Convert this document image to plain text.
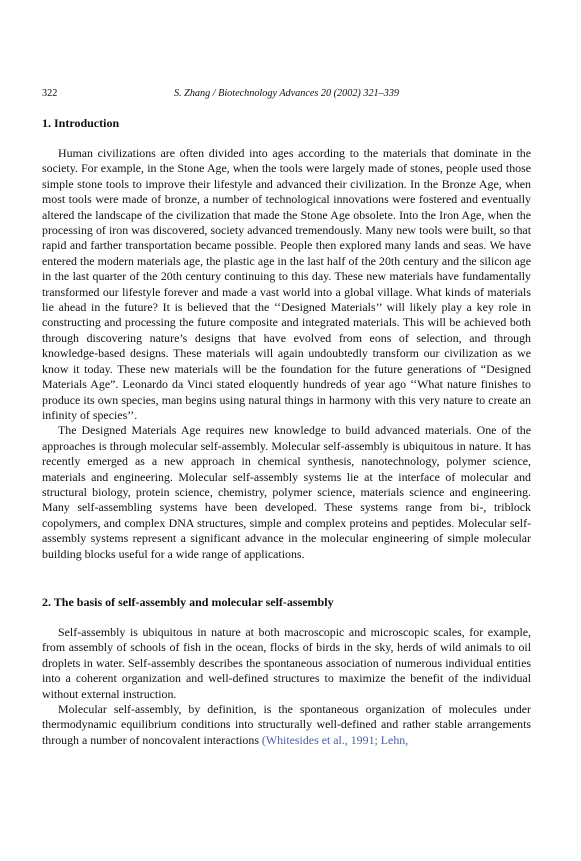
322	S. Zhang / Biotechnology Advances 20 (2002) 321–339
1. Introduction

Human civilizations are often divided into ages according to the materials that dominate in the society. For example, in the Stone Age, when the tools were largely made of stones, people used those simple stone tools to improve their lifestyle and advanced their civilization. In the Bronze Age, when most tools were made of bronze, a number of technological innovations were fostered and eventually altered the landscape of the civilization that made the Stone Age obsolete. Into the Iron Age, when the processing of iron was discovered, society advanced tremendously. Many new tools were built, so that rapid and farther transportation became possible. People then explored many lands and seas. We have entered the modern materials age, the plastic age in the last half of the 20th century and the silicon age in the last quarter of the 20th century continuing to this day. These new materials have fundamentally transformed our lifestyle forever and made a vast world into a global village. What kinds of materials lie ahead in the future? It is believed that the ‘‘Designed Materials’’ will likely play a key role in constructing and processing the future composite and integrated materials. This will be achieved both through discovering nature’s designs that have evolved from eons of selection, and through knowledge-based designs. These materials will again undoubtedly transform our civilization as we know it today. These new materials will be the foundation for the future generations of “Designed Materials Age”. Leonardo da Vinci stated eloquently hundreds of year ago ‘‘What nature finishes to produce its own species, man begins using natural things in harmony with this very nature to create an infinity of species’’.

The Designed Materials Age requires new knowledge to build advanced materials. One of the approaches is through molecular self-assembly. Molecular self-assembly is ubiquitous in nature. It has recently emerged as a new approach in chemical synthesis, nanotechnology, polymer science, materials and engineering. Molecular self-assembly systems lie at the interface of molecular and structural biology, protein science, chemistry, polymer science, materials science and engineering. Many self-assembling systems have been developed. These systems range from bi-, triblock copolymers, and complex DNA structures, simple and complex proteins and peptides. Molecular self-assembly systems represent a significant advance in the molecular engineering of simple molecular building blocks useful for a wide range of applications.

2. The basis of self-assembly and molecular self-assembly

Self-assembly is ubiquitous in nature at both macroscopic and microscopic scales, for example, from assembly of schools of fish in the ocean, flocks of birds in the sky, herds of wild animals to oil droplets in water. Self-assembly describes the spontaneous association of numerous individual entities into a coherent organization and well-defined structures to maximize the benefit of the individual without external instruction.

Molecular self-assembly, by definition, is the spontaneous organization of molecules under thermodynamic equilibrium conditions into structurally well-defined and rather stable arrangements through a number of noncovalent interactions (Whitesides et al., 1991; Lehn,
